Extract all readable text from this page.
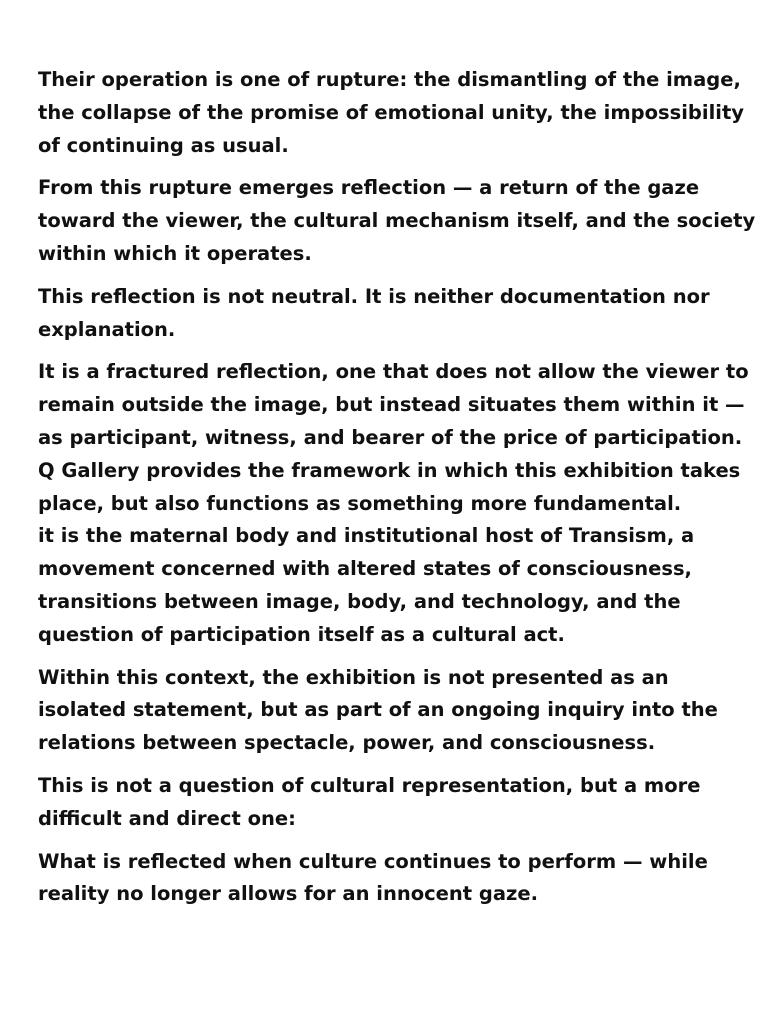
Their operation is one of rupture: the dismantling of the image,
the collapse of the promise of emotional unity, the impossibility
of continuing as usual.

From this rupture emerges reflection — a return of the gaze
toward the viewer, the cultural mechanism itself, and the society
within which it operates.

This reflection is not neutral. It is neither documentation nor
explanation.

It is a fractured reflection, one that does not allow the viewer to
remain outside the image, but instead situates them within it —
as participant, witness, and bearer of the price of participation.

Q Gallery provides the framework in which this exhibition takes
place, but also functions as something more fundamental.

it is the maternal body and institutional host of Transism, a
movement concerned with altered states of consciousness,
transitions between image, body, and technology, and the
question of participation itself as a cultural act.

Within this context, the exhibition is not presented as an
isolated statement, but as part of an ongoing inquiry into the
relations between spectacle, power, and consciousness.

This is not a question of cultural representation, but a more
difficult and direct one:

What is reflected when culture continues to perform — while
reality no longer allows for an innocent gaze.
